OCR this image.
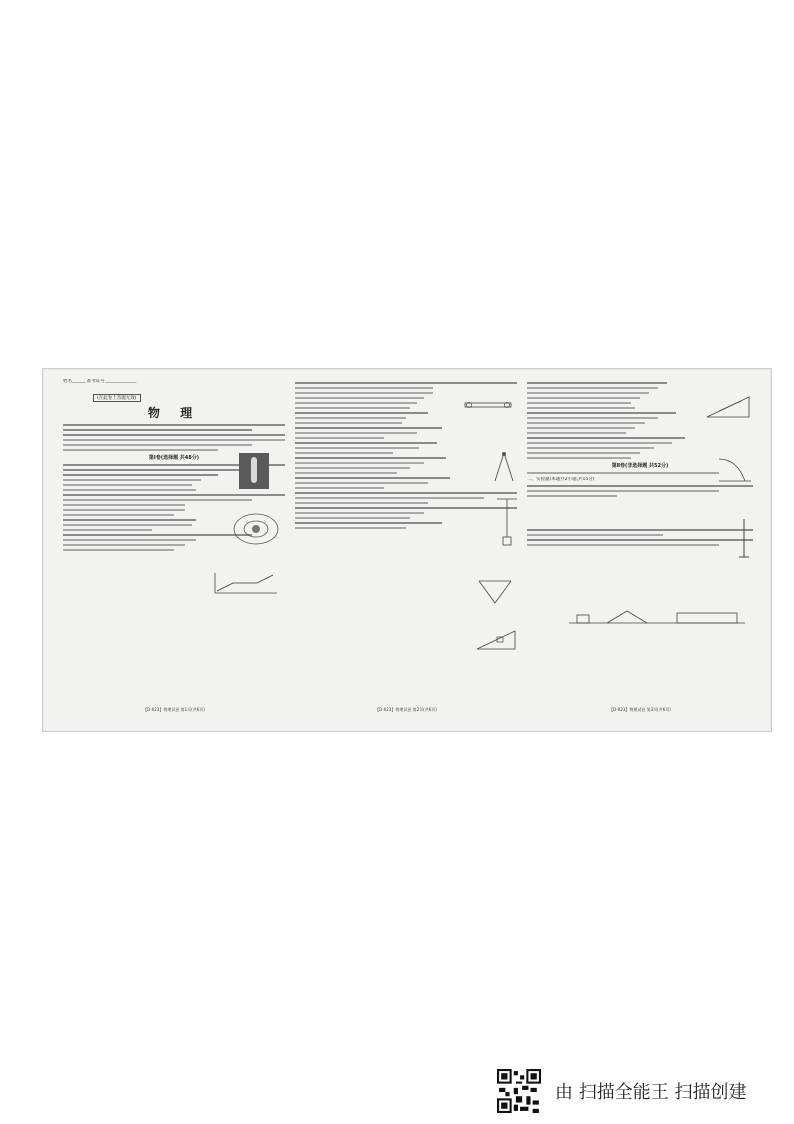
姓名______ 准考证号______________
(在此卷上答题无效)
物 理
第Ⅰ卷(选择题 共48分)
【D-023】物理试卷 第1页(共6页)	【D-023】物理试卷 第2页(共6页)
第Ⅱ卷(非选择题 共52分)
二、实验题(本题共2小题,共15分)
【D-023】物理试卷 第3页(共6页)
由 扫描全能王 扫描创建
